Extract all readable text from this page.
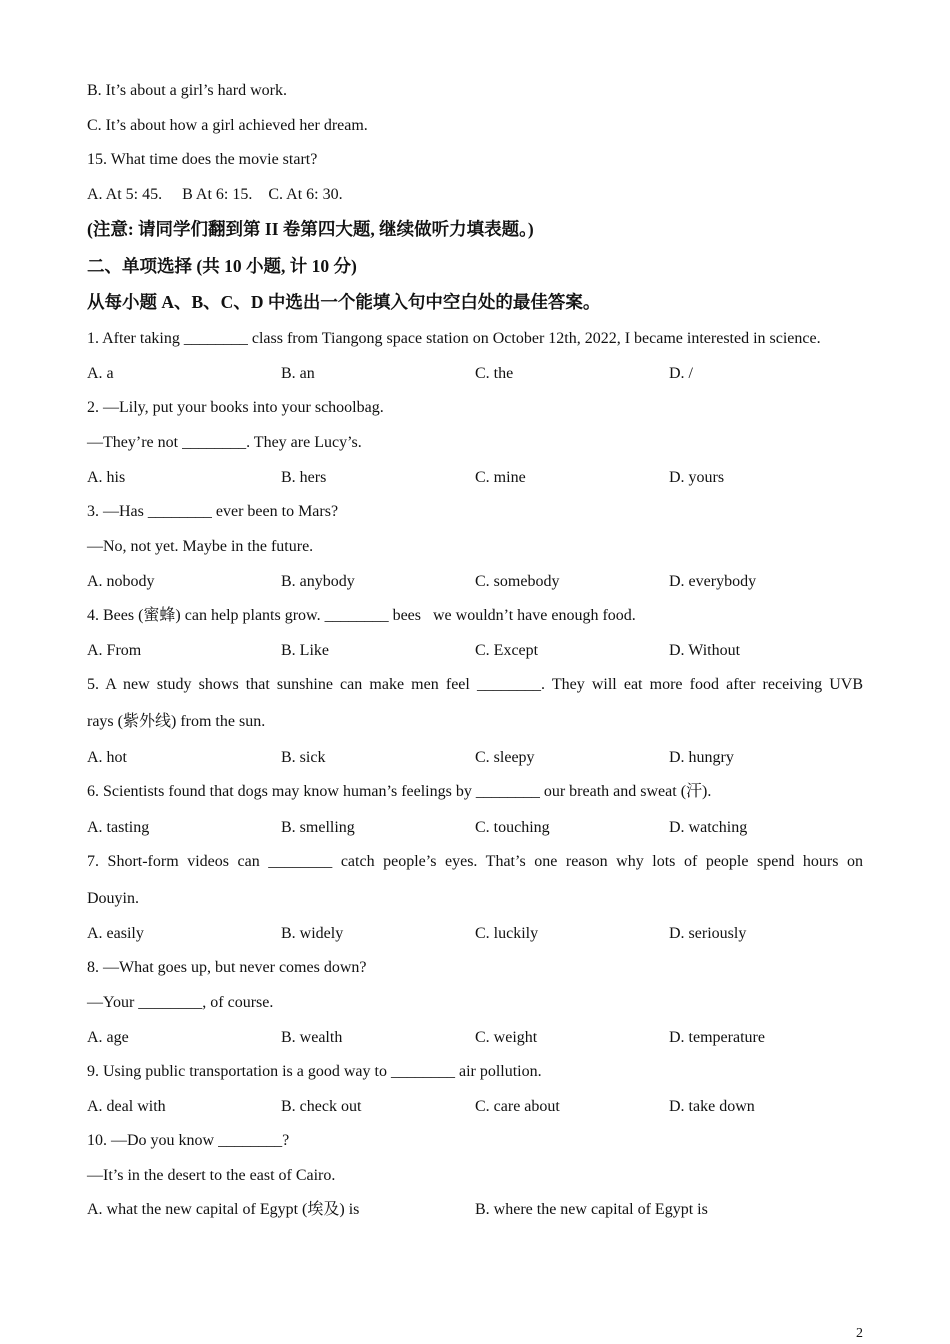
B. It’s about a girl’s hard work.
C. It’s about how a girl achieved her dream.
15. What time does the movie start?
A. At 5: 45.     B At 6: 15.    C. At 6: 30.
(注意: 请同学们翻到第 II 卷第四大题, 继续做听力填表题。)
二、单项选择 (共 10 小题, 计 10 分)
从每小题 A、B、C、D 中选出一个能填入句中空白处的最佳答案。
1. After taking ________ class from Tiangong space station on October 12th, 2022, I became interested in science.
A. a	B. an	C. the	D. /
2. —Lily, put your books into your schoolbag.
—They’re not ________. They are Lucy’s.
A. his	B. hers	C. mine	D. yours
3. —Has ________ ever been to Mars?
—No, not yet. Maybe in the future.
A. nobody	B. anybody	C. somebody	D. everybody
4. Bees (蜜蜂) can help plants grow. ________ bees   we wouldn’t have enough food.
A. From	B. Like	C. Except	D. Without
5. A new study shows that sunshine can make men feel ________. They will eat more food after receiving UVB
rays (紫外线) from the sun.
A. hot	B. sick	C. sleepy	D. hungry
6. Scientists found that dogs may know human’s feelings by ________ our breath and sweat (汗).
A. tasting	B. smelling	C. touching	D. watching
7. Short-form videos can ________ catch people’s eyes. That’s one reason why lots of people spend hours on
Douyin.
A. easily	B. widely	C. luckily	D. seriously
8. —What goes up, but never comes down?
—Your ________, of course.
A. age	B. wealth	C. weight	D. temperature
9. Using public transportation is a good way to ________ air pollution.
A. deal with	B. check out	C. care about	D. take down
10. —Do you know ________?
—It’s in the desert to the east of Cairo.
A. what the new capital of Egypt (埃及) is	B. where the new capital of Egypt is
2
